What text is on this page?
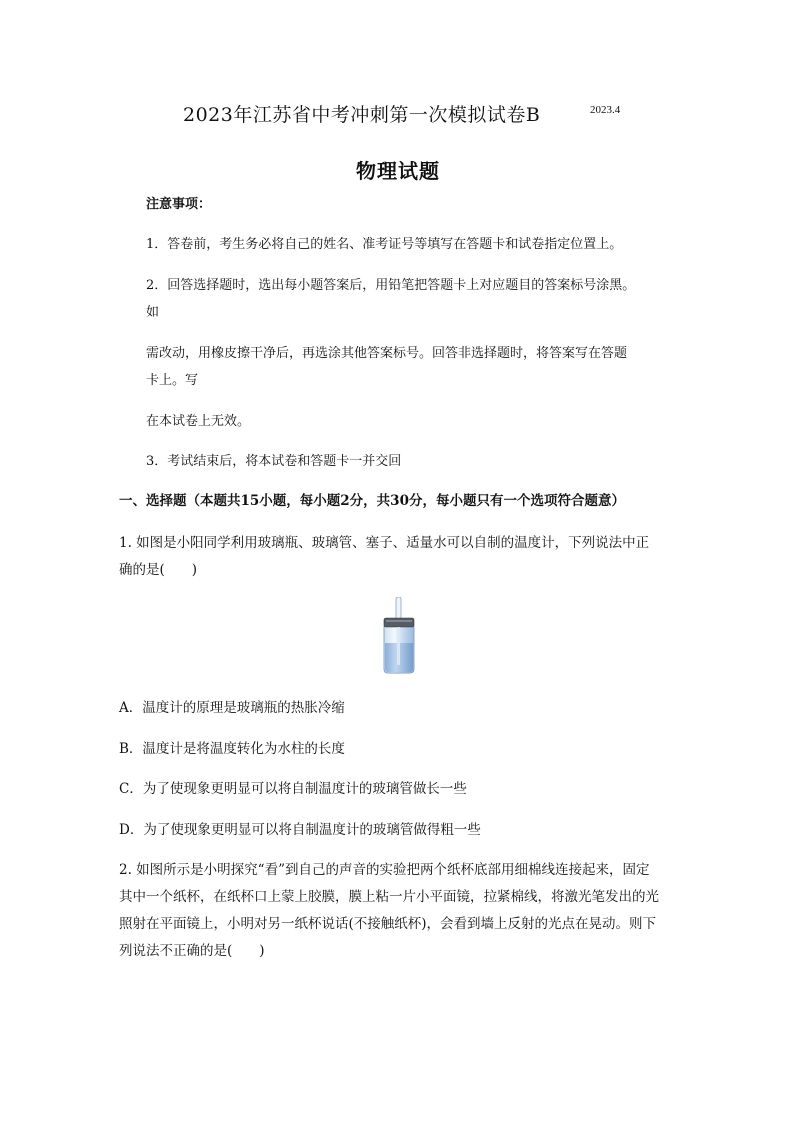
2023年江苏省中考冲刺第一次模拟试卷B	2023.4
物理试题
注意事项：
1．答卷前，考生务必将自己的姓名、准考证号等填写在答题卡和试卷指定位置上。
2．回答选择题时，选出每小题答案后，用铅笔把答题卡上对应题目的答案标号涂黑。
如
需改动，用橡皮擦干净后，再选涂其他答案标号。回答非选择题时，将答案写在答题
卡上。写
在本试卷上无效。
3．考试结束后，将本试卷和答题卡一并交回
一、选择题（本题共15小题，每小题2分，共30分，每小题只有一个选项符合题意）
1. 如图是小阳同学利用玻璃瓶、玻璃管、塞子、适量水可以自制的温度计，下列说法中正
确的是(　　)
A．温度计的原理是玻璃瓶的热胀冷缩
B．温度计是将温度转化为水柱的长度
C．为了使现象更明显可以将自制温度计的玻璃管做长一些
D．为了使现象更明显可以将自制温度计的玻璃管做得粗一些
2. 如图所示是小明探究“看”到自己的声音的实验把两个纸杯底部用细棉线连接起来，固定
其中一个纸杯，在纸杯口上蒙上胶膜，膜上粘一片小平面镜，拉紧棉线，将激光笔发出的光
照射在平面镜上，小明对另一纸杯说话(不接触纸杯)，会看到墙上反射的光点在晃动。则下
列说法不正确的是(　　)
